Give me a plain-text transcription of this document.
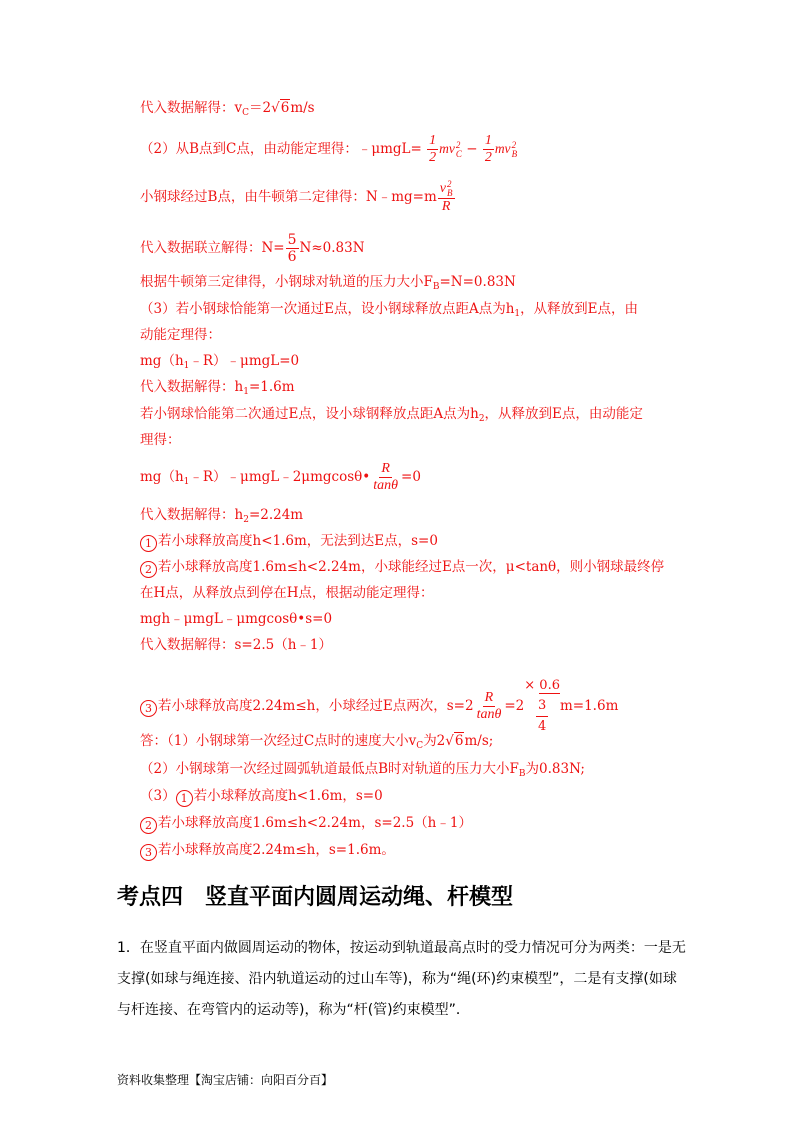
代入数据解得：$v_C=2√6m/s$
（2）从B点到C点，由动能定理得：﹣μmgL= $\frac{1}{2}$ mv 2
$C - \frac{1}{2}$ mv 2
B
小钢球经过B点，由牛顿第二定律得：N﹣mg=m v 2
B
R
代入数据联立解得：$N= \frac{5}{6} N\approx 0.83N$
根据牛顿第三定律得，小钢球对轨道的压力大小$F_B=N=0.83N$
（3）若小钢球恰能第一次通过E点，设小钢球释放点距A点为$h_1$，从释放到E点，由
动能定理得：
$mg(h_1﹣R)﹣\mu mgL=0$
代入数据解得：$h_1=1.6m$
若小钢球恰能第二次通过E点，设小球钢释放点距A点为$h_2$，从释放到E点，由动能定
理得：
$mg(h_1﹣R)﹣\mu mgL﹣2\mu mgcos\theta• \frac{R}{\tan\theta} =0$
代入数据解得：$h_2=2.24m$
1 若小球释放高度h<1.6m，无法到达E点，s=0
2 若小球释放高度1.6m≤h<2.24m，小球能经过E点一次，μ<tanθ，则小钢球最终停
在H点，从释放点到停在H点，根据动能定理得：
mgh﹣μmgL﹣μmgcosθ•s=0
代入数据解得：s=2.5（h﹣1）
3 若小球释放高度2.24m≤h，小球经过E点两次，$s=2 \frac{R}{\tan\theta} =2$
× 0.6
3
4
m=1.6m
答：（1）小钢球第一次经过C点时的速度大小$v_C$为2√6m/s;
（2）小钢球第一次经过圆弧轨道最低点B时对轨道的压力大小$F_B$为0.83N;
（3） 1 若小球释放高度h<1.6m，s=0
2 若小球释放高度1.6m≤h<2.24m，s=2.5（h﹣1）
3 若小球释放高度2.24m≤h，s=1.6m。
考点四　竖直平面内圆周运动绳、杆模型
1．在竖直平面内做圆周运动的物体，按运动到轨道最高点时的受力情况可分为两类：一是无支撑(如球与绳连接、沿内轨道运动的过山车等)，称为“绳(环)约束模型”，二是有支撑(如球与杆连接、在弯管内的运动等)，称为“杆(管)约束模型”．
资料收集整理【淘宝店铺：向阳百分百】
